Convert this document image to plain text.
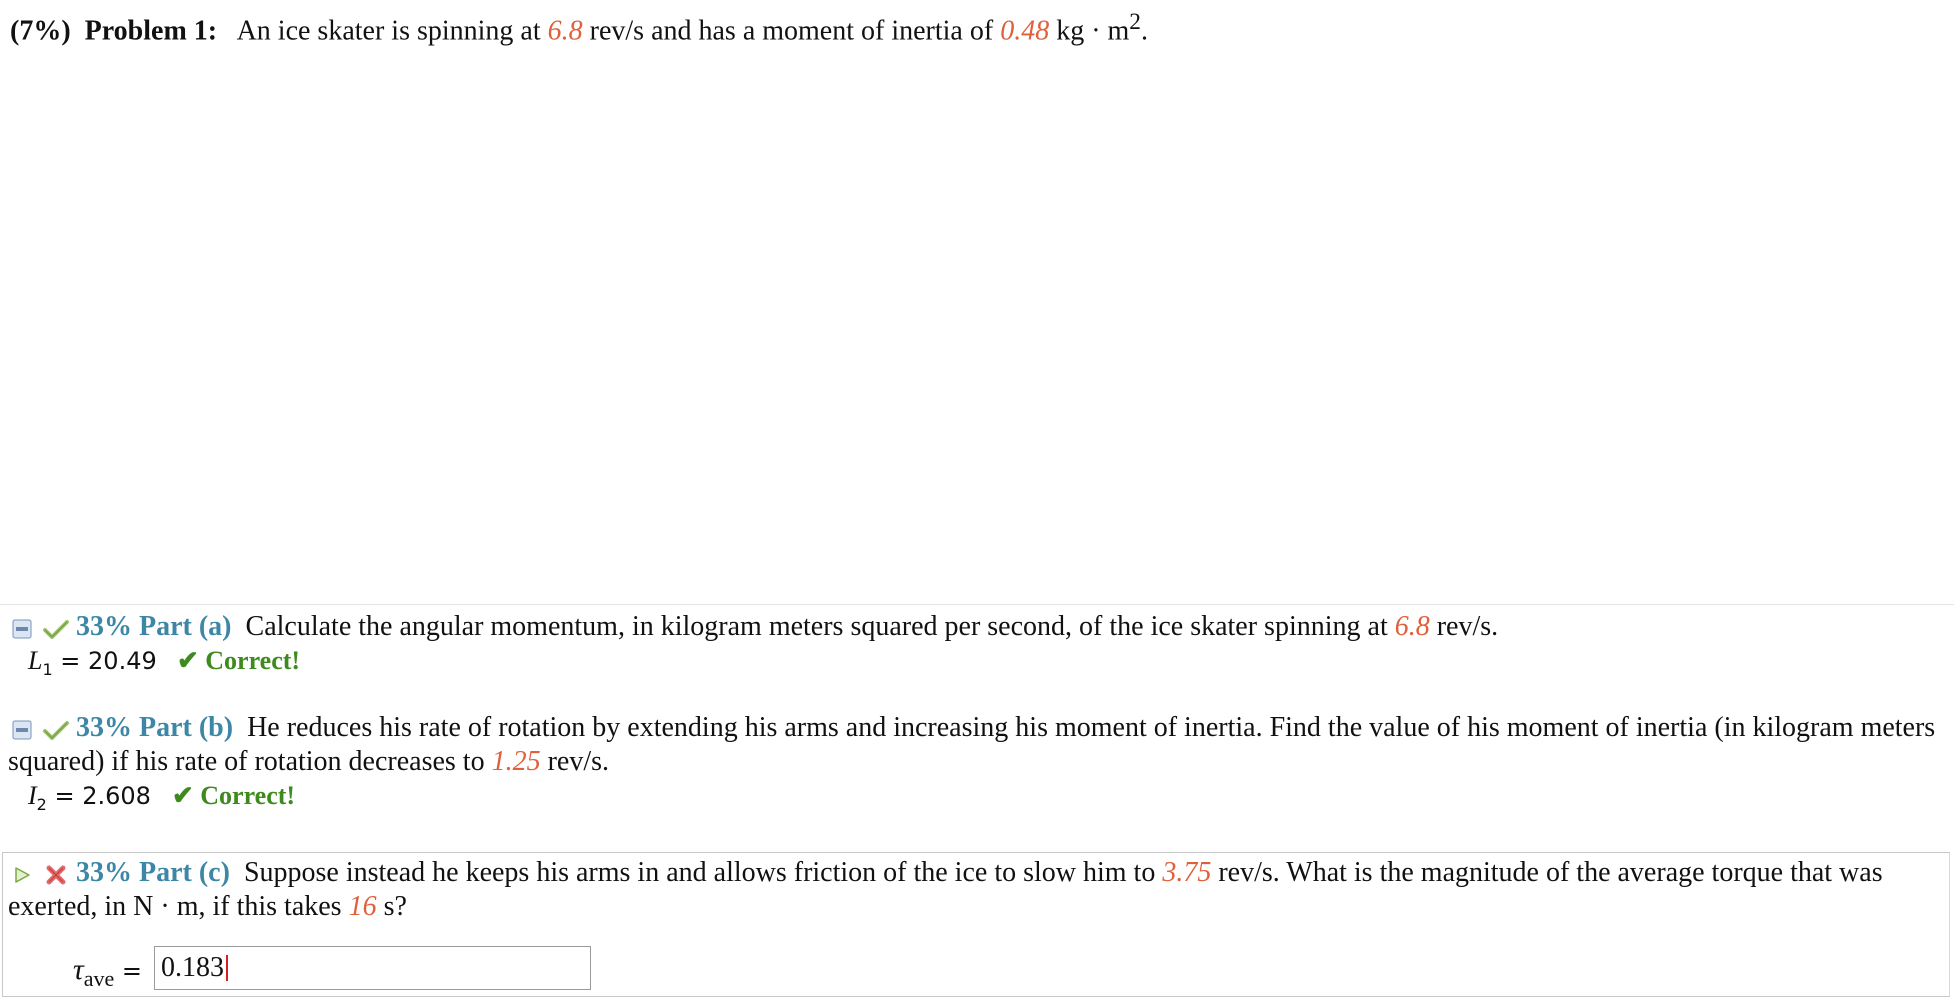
(7%) Problem 1: An ice skater is spinning at 6.8 rev/s and has a moment of inertia of 0.48 kg · $m^2$.

33% Part (a) Calculate the angular momentum, in kilogram meters squared per second, of the ice skater spinning at 6.8 rev/s.
$L_1 = 20.49$ ✔ Correct!

33% Part (b) He reduces his rate of rotation by extending his arms and increasing his moment of inertia. Find the value of his moment of inertia (in kilogram meters squared) if his rate of rotation decreases to 1.25 rev/s.
$I_2 = 2.608$ ✔ Correct!

33% Part (c) Suppose instead he keeps his arms in and allows friction of the ice to slow him to 3.75 rev/s. What is the magnitude of the average torque that was exerted, in N · m, if this takes 16 s?
$\tau_{ave}$ =
0.183
